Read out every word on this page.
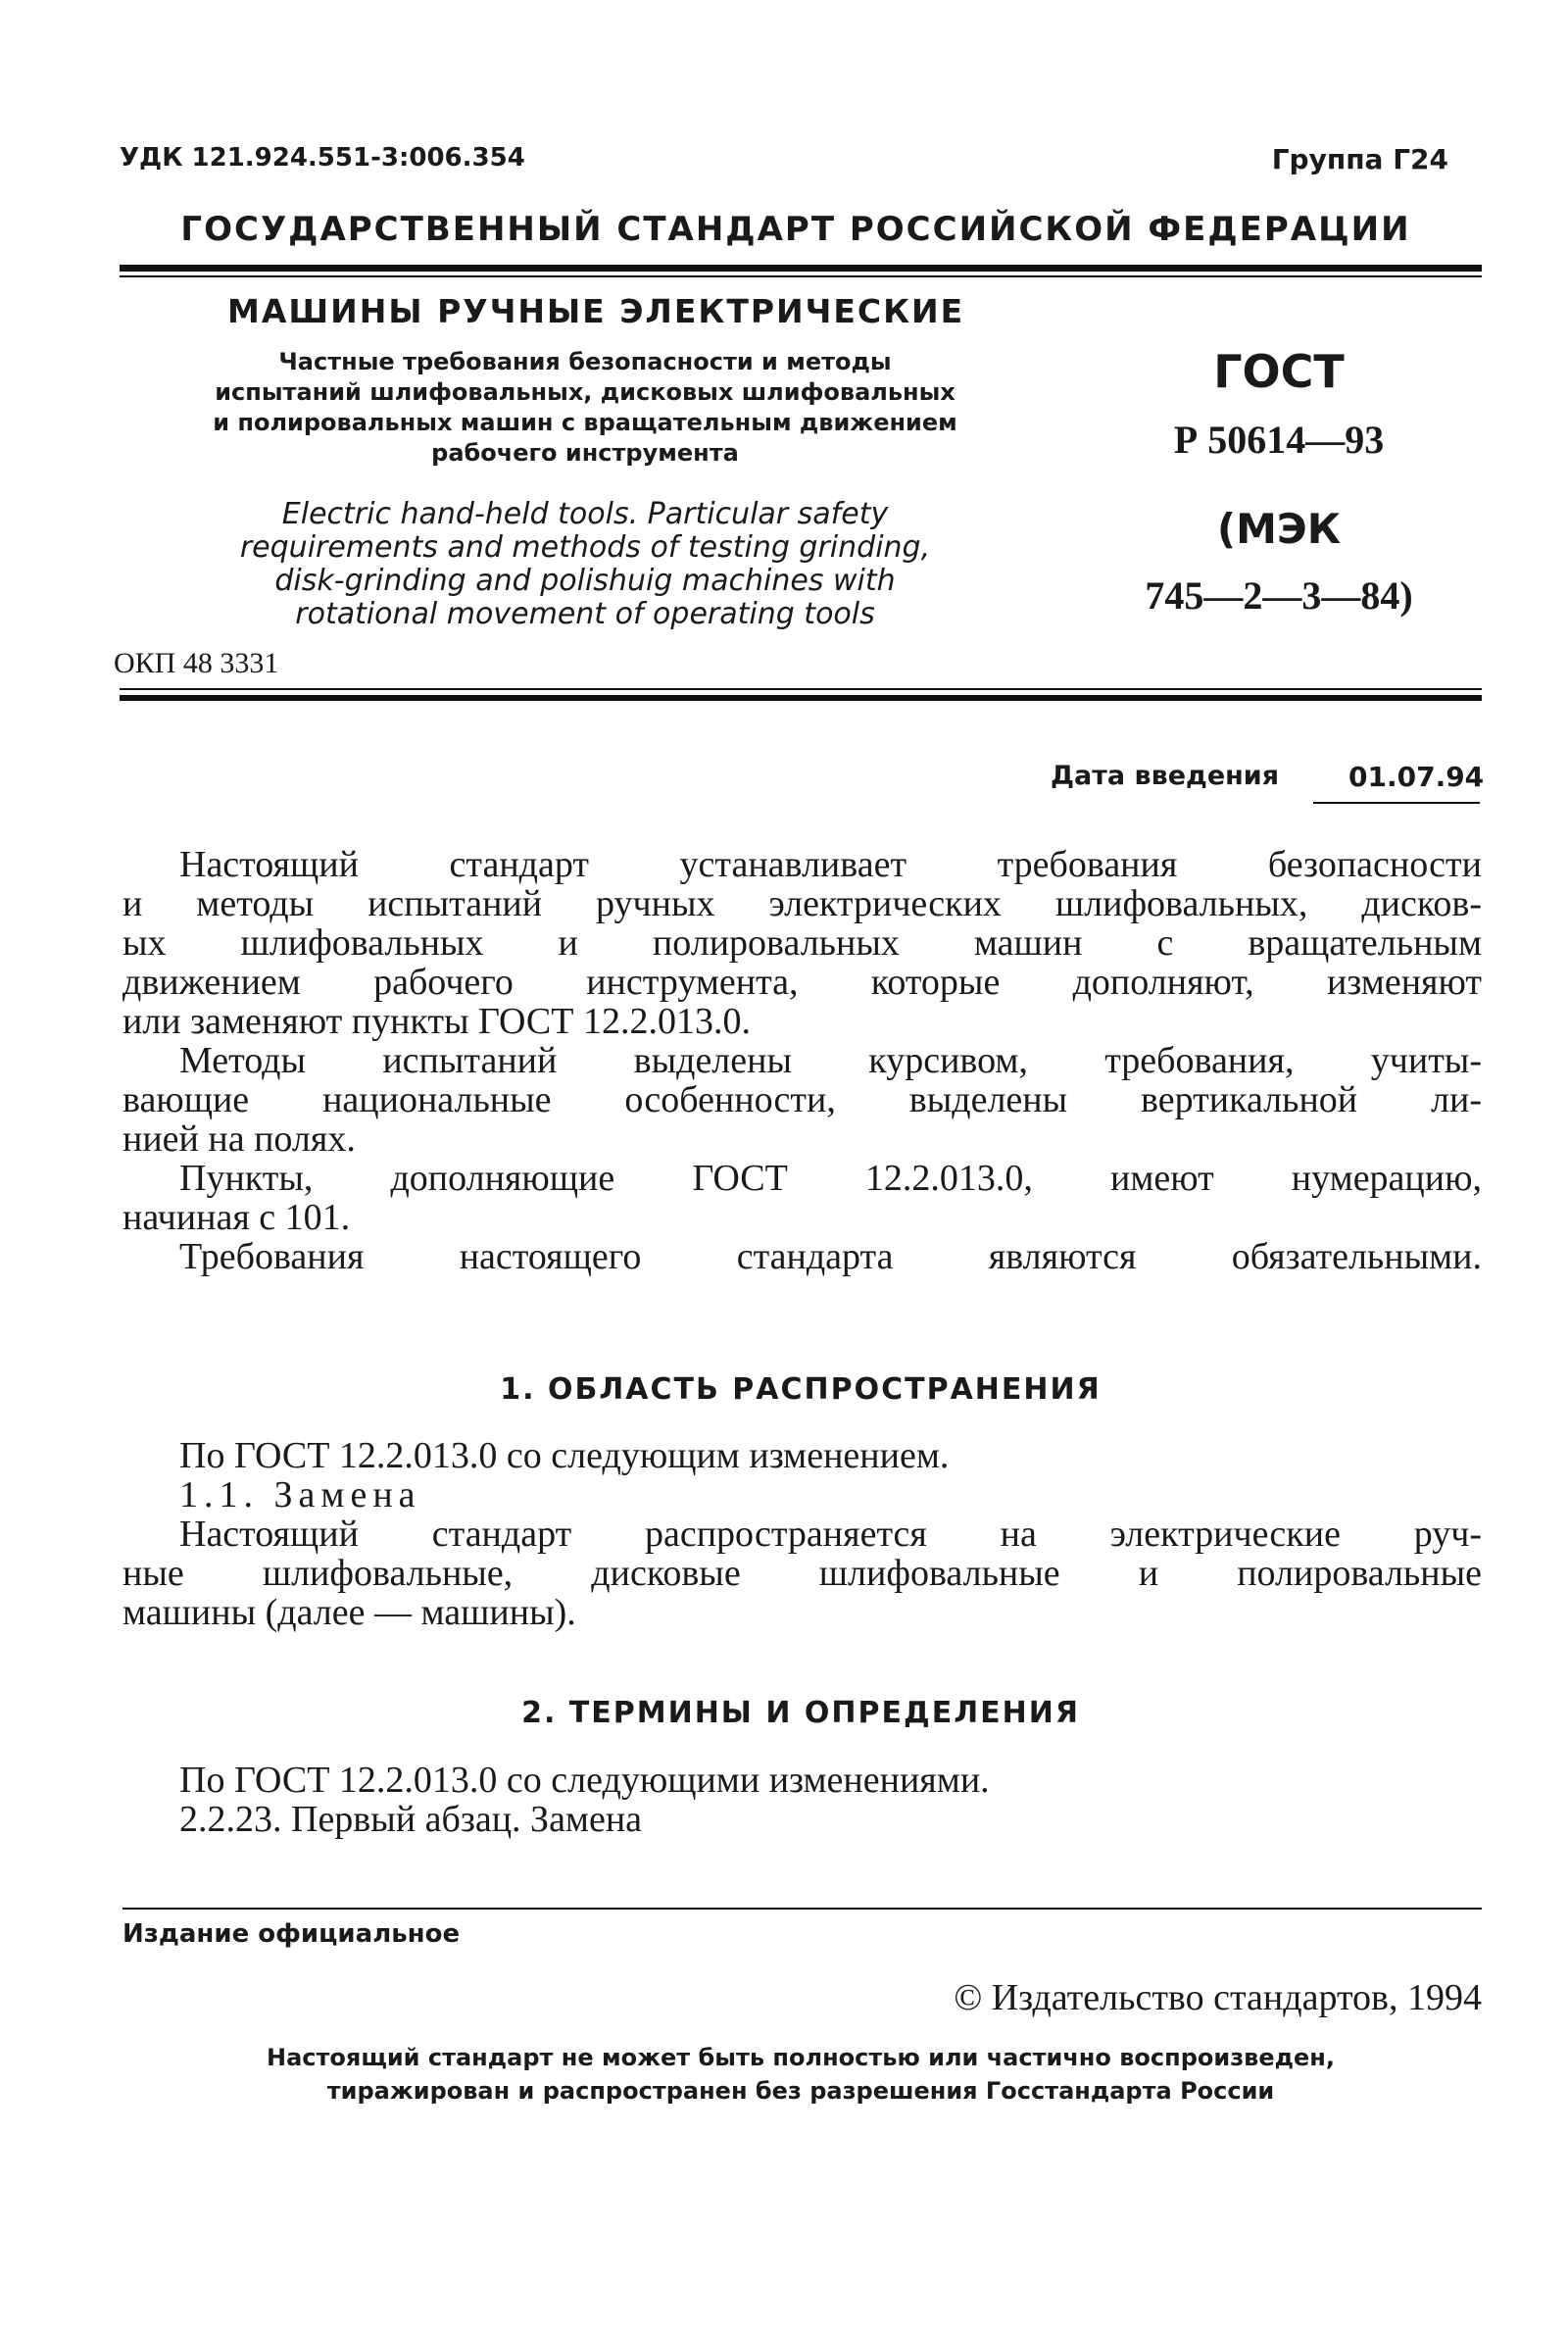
УДК 121.924.551-3:006.354	Группа Г24
ГОСУДАРСТВЕННЫЙ СТАНДАРТ РОССИЙСКОЙ ФЕДЕРАЦИИ
МАШИНЫ РУЧНЫЕ ЭЛЕКТРИЧЕСКИЕ
Частные требования безопасности и методы
испытаний шлифовальных, дисковых шлифовальных
и полировальных машин с вращательным движением
рабочего инструмента
Electric hand-held tools. Particular safety
requirements and methods of testing grinding,
disk-grinding and polishuig machines with
rotational movement of operating tools
ОКП 48 3331
ГОСТ
Р 50614—93
(МЭК
745—2—3—84)
Дата введения	01.07.94
Настоящий стандарт устанавливает требования безопасности
и методы испытаний ручных электрических шлифовальных, дисков-
ых шлифовальных и полировальных машин с вращательным
движением рабочего инструмента, которые дополняют, изменяют
или заменяют пункты ГОСТ 12.2.013.0.
Методы испытаний выделены курсивом, требования, учиты-
вающие национальные особенности, выделены вертикальной ли-
нией на полях.
Пункты, дополняющие ГОСТ 12.2.013.0, имеют нумерацию,
начиная с 101.
Требования настоящего стандарта являются обязательными.
1. ОБЛАСТЬ РАСПРОСТРАНЕНИЯ
По ГОСТ 12.2.013.0 со следующим изменением.
1.1. Замена
Настоящий стандарт распространяется на электрические руч-
ные шлифовальные, дисковые шлифовальные и полировальные
машины (далее — машины).
2. ТЕРМИНЫ И ОПРЕДЕЛЕНИЯ
По ГОСТ 12.2.013.0 со следующими изменениями.
2.2.23. Первый абзац. Замена
Издание официальное
© Издательство стандартов, 1994
Настоящий стандарт не может быть полностью или частично воспроизведен,
тиражирован и распространен без разрешения Госстандарта России
